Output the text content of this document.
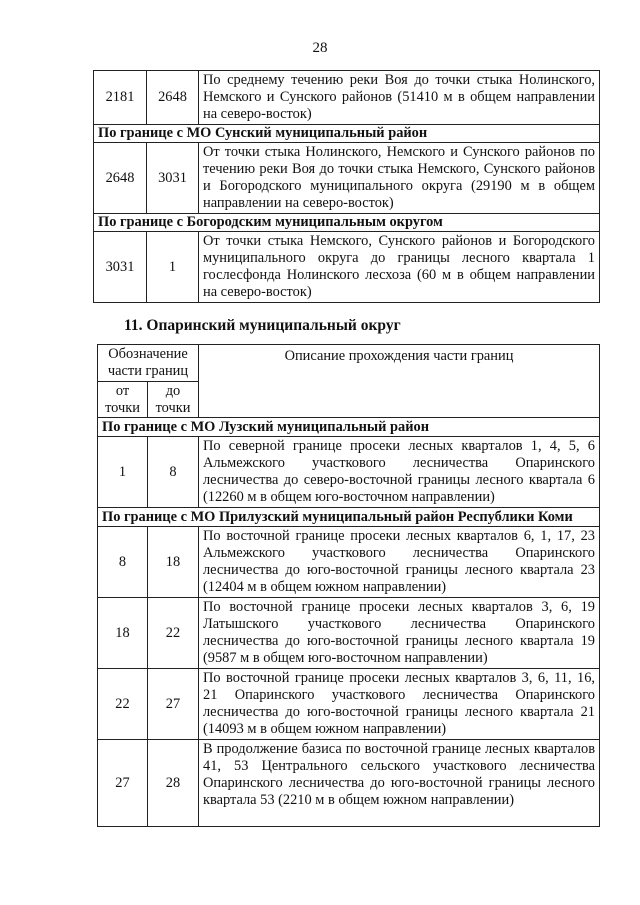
28
2181	2648	По среднему течению реки Воя до точки стыка Нолинского, Немского и Сунского районов (51410 м в общем направлении на северо-восток)
По границе с МО Сунский муниципальный район		
2648	3031	От точки стыка Нолинского, Немского и Сунского районов по течению реки Воя до точки стыка Немского, Сунского районов и Богородского муниципального округа (29190 м в общем направлении на северо-восток)
По границе с Богородским муниципальным округом		
3031	1	От точки стыка Немского, Сунского районов и Богородского муниципального округа до границы лесного квартала 1 гослесфонда Нолинского лесхоза (60 м в общем направлении на северо-восток)
11. Опаринский муниципальный округ
Обозначение части границ		Описание прохождения части границ
от точки	до точки	
По границе с МО Лузский муниципальный район		
1	8	По северной границе просеки лесных кварталов 1, 4, 5, 6 Альмежского участкового лесничества Опаринского лесничества до северо-восточной границы лесного квартала 6 (12260 м в общем юго-восточном направлении)
По границе с МО Прилузский муниципальный район Республики Коми		
8	18	По восточной границе просеки лесных кварталов 6, 1, 17, 23 Альмежского участкового лесничества Опаринского лесничества до юго-восточной границы лесного квартала 23 (12404 м в общем южном направлении)
18	22	По восточной границе просеки лесных кварталов 3, 6, 19 Латышского участкового лесничества Опаринского лесничества до юго-восточной границы лесного квартала 19 (9587 м в общем юго-восточном направлении)
22	27	По восточной границе просеки лесных кварталов 3, 6, 11, 16, 21 Опаринского участкового лесничества Опаринского лесничества до юго-восточной границы лесного квартала 21 (14093 м в общем южном направлении)
27	28	В продолжение базиса по восточной границе лесных кварталов 41, 53 Центрального сельского участкового лесничества Опаринского лесничества до юго-восточной границы лесного квартала 53 (2210 м в общем южном направлении)
